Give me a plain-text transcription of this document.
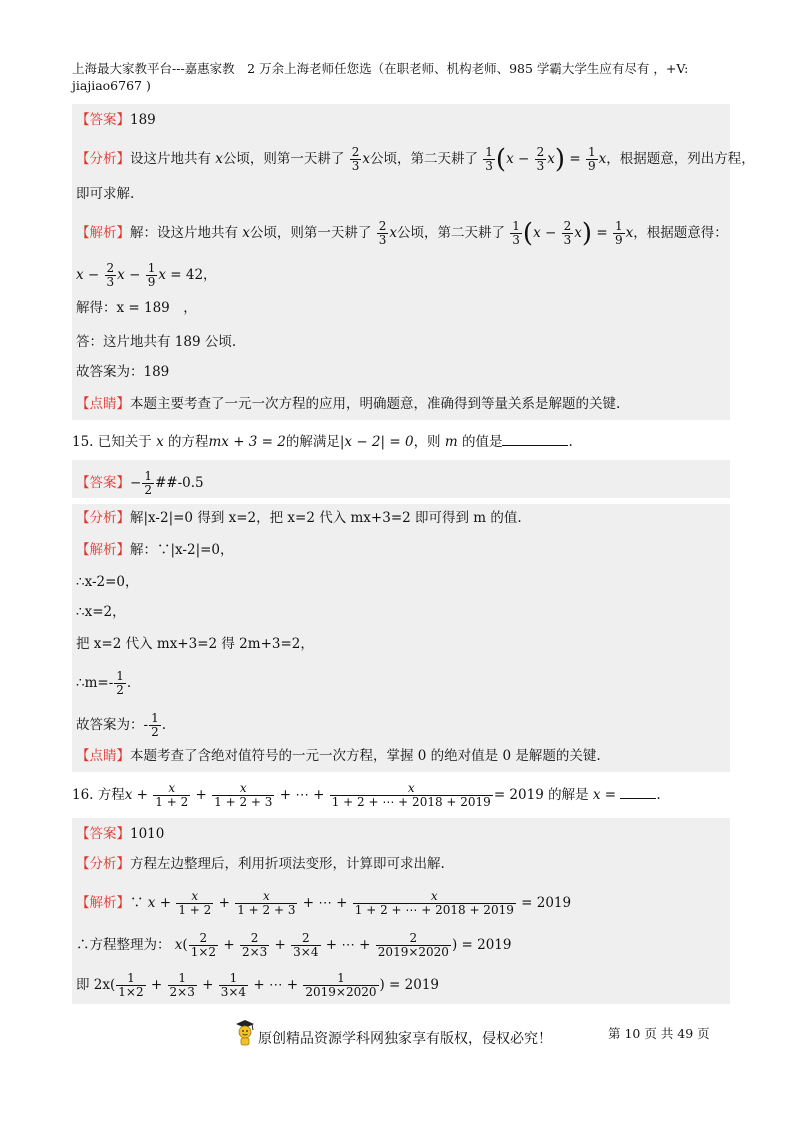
上海最大家教平台---嘉惠家教　2 万余上海老师任您选（在职老师、机构老师、985 学霸大学生应有尽有 ，+V:
jiajiao6767 )
【答案】189
【分析】设这片地共有 x公顷，则第一天耕了 $\frac{2}{3}$ x公顷，第二天耕了 $\frac{1}{3} (x - \frac{2}{3} x) = \frac{1}{9}$ x，根据题意，列出方程，
即可求解.
【解析】解：设这片地共有 x公顷，则第一天耕了 $\frac{2}{3}$ x公顷，第二天耕了 $\frac{1}{3} (x - \frac{2}{3} x) = \frac{1}{9}$ x，根据题意得：
$x - \frac{2}{3}$ $x - \frac{1}{9}$ x = 42，
解得：x = 189　，
答：这片地共有 189 公顷.
故答案为：189
【点睛】本题主要考查了一元一次方程的应用，明确题意，准确得到等量关系是解题的关键.
15. 已知关于 x 的方程mx + 3 = 2的解满足|x − 2| = 0，则 m 的值是	.
【答案】− $\frac{1}{2}$ ##-0.5
【分析】解|x-2|=0 得到 x=2，把 x=2 代入 mx+3=2 即可得到 m 的值.
【解析】解：∵|x-2|=0，
∴x-2=0，
∴x=2，
把 x=2 代入 mx+3=2 得 2m+3=2，
∴m=- $\frac{1}{2}$ .
故答案为：- $\frac{1}{2}$ .
【点睛】本题考查了含绝对值符号的一元一次方程，掌握 0 的绝对值是 0 是解题的关键.
16. 方程$x + \frac{x}{1 + 2} + \frac{x}{1 + 2 + 3}$ + ⋯ + $\frac{x}{1 + 2 + \cdots + 2018 + 2019} = 2019$ 的解是 x =	.
【答案】1010
【分析】方程左边整理后，利用折项法变形，计算即可求出解.
【解析】∵ $x + \frac{x}{1 + 2} + \frac{x}{1 + 2 + 3}$ + ⋯ + $\frac{x}{1 + 2 + \cdots + 2018 + 2019} = 2019$
∴方程整理为： $x( \frac{2}{1\times 2} + \frac{2}{2\times 3} + \frac{2}{3\times 4}$ + ⋯ + $\frac{2}{2019\times 2020}$ ) = 2019
即 $2x( \frac{1}{1\times 2} + \frac{1}{2\times 3} + \frac{1}{3\times 4}$ + ⋯ + $\frac{1}{2019\times 2020}$ ) = 2019
第 10 页 共 49 页
原创精品资源学科网独家享有版权，侵权必究！
